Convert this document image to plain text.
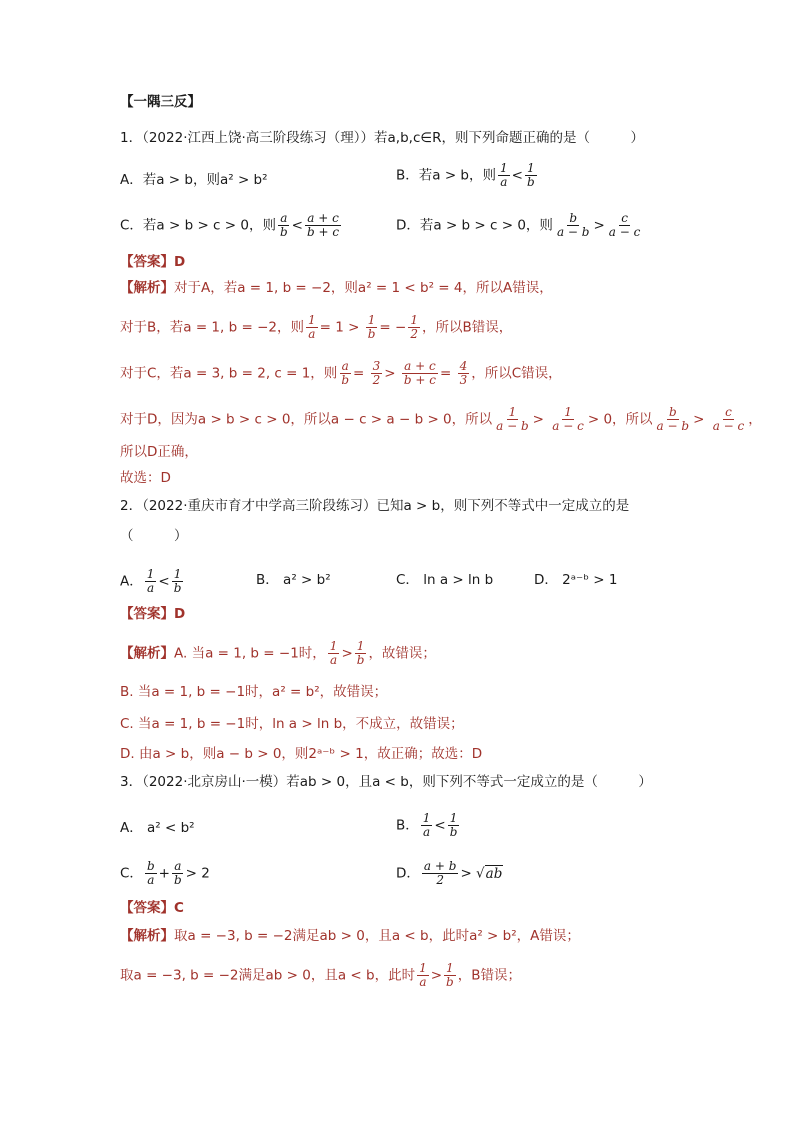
【一隅三反】
1．（2022·江西上饶·高三阶段练习（理））若a,b,c∈R，则下列命题正确的是（　　　）
A．若a > b，则a² > b²	B．若a > b，则 $\frac{1}{a} < \frac{1}{b}$
C．若a > b > c > 0，则 $\frac{a}{b} < \frac{a + c}{b + c}$	D．若a > b > c > 0，则 $\frac{b}{a - b} > \frac{c}{a - c}$
【答案】D
【解析】对于A，若a = 1, b = −2，则a² = 1 < b² = 4，所以A错误，
对于B，若a = 1, b = −2，则 $\frac{1}{a} = 1 > \frac{1}{b}$ = − $\frac{1}{2}$ ，所以B错误，
对于C，若a = 3, b = 2, c = 1，则 $\frac{a}{b} = \frac{3}{2} > \frac{a + c}{b + c} = \frac{4}{3}$ ，所以C错误，
对于D，因为a > b > c > 0，所以a − c > a − b > 0，所以 $\frac{1}{a - b} > \frac{1}{a - c} > 0$，所以 $\frac{b}{a - b} > \frac{c}{a - c}$ ，
所以D正确，
故选：D
2．（2022·重庆市育才中学高三阶段练习）已知a > b，则下列不等式中一定成立的是
（　　　）
A． $\frac{1}{a} < \frac{1}{b}$	B． a² > b²	C． ln a > ln b	D． 2ᵃ⁻ᵇ > 1
【答案】D
【解析】A. 当a = 1, b = −1时， $\frac{1}{a} > \frac{1}{b}$ ，故错误；
B. 当a = 1, b = −1时，a² = b²，故错误；
C. 当a = 1, b = −1时，ln a > ln b，不成立，故错误；
D. 由a > b，则a − b > 0，则2ᵃ⁻ᵇ > 1，故正确；故选：D
3．（2022·北京房山·一模）若ab > 0，且a < b，则下列不等式一定成立的是（　　　）
A． a² < b²	B． $\frac{1}{a} < \frac{1}{b}$
C． $\frac{b}{a} + \frac{a}{b} > 2$	D． $\frac{a + b}{2} > √ab$
【答案】C
【解析】取a = −3, b = −2满足ab > 0，且a < b，此时a² > b²，A错误；
取a = −3, b = −2满足ab > 0，且a < b，此时 $\frac{1}{a} > \frac{1}{b}$ ，B错误；
